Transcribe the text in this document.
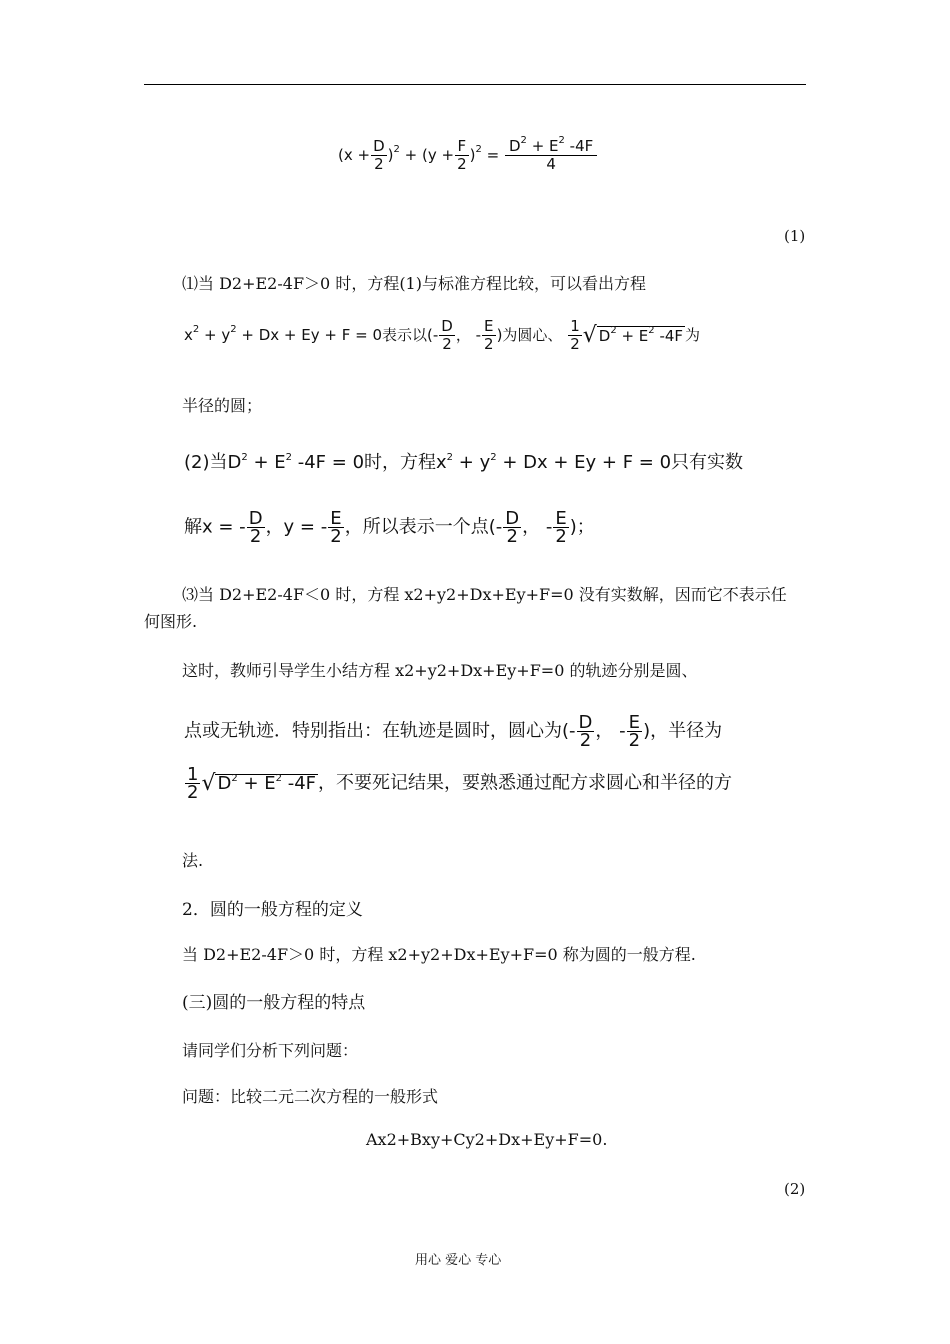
$(x + \frac{D}{2} )^2 + (y + \frac{F}{2} )^2 = \frac{D^2 + E^2 -4F}{4}$
(1)
⑴当 D2+E2-4F＞0 时，方程(1)与标准方程比较，可以看出方程
$x^2 + y^2 + Dx + Ey + F = 0$表示以(- $\frac{D}{2}$ ， - $\frac{E}{2}$ )为圆心、 $\frac{1}{2}$ √ $D^2 + E^2$ -4F 为
半径的圆；
(2)当$D^2 + E^2$ -4F = 0时，方程$x^2 + y^2 + Dx + Ey + F = 0$只有实数
解x = - $\frac{D}{2}$ ，y = - $\frac{E}{2}$ ，所以表示一个点(- $\frac{D}{2}$ ， - $\frac{E}{2}$ )；
⑶当 D2+E2-4F＜0 时，方程 x2+y2+Dx+Ey+F=0 没有实数解，因而它不表示任
何图形.
这时，教师引导学生小结方程 x2+y2+Dx+Ey+F=0 的轨迹分别是圆、
点或无轨迹．特别指出：在轨迹是圆时，圆心为(- $\frac{D}{2}$ ， - $\frac{E}{2}$ )，半径为
$\frac{1}{2}$ √ $D^2 + E^2$ -4F ，不要死记结果，要熟悉通过配方求圆心和半径的方
法.
2．圆的一般方程的定义
当 D2+E2-4F＞0 时，方程 x2+y2+Dx+Ey+F=0 称为圆的一般方程.
(三)圆的一般方程的特点
请同学们分析下列问题：
问题：比较二元二次方程的一般形式
Ax2+Bxy+Cy2+Dx+Ey+F=0.
(2)
用心 爱心 专心
